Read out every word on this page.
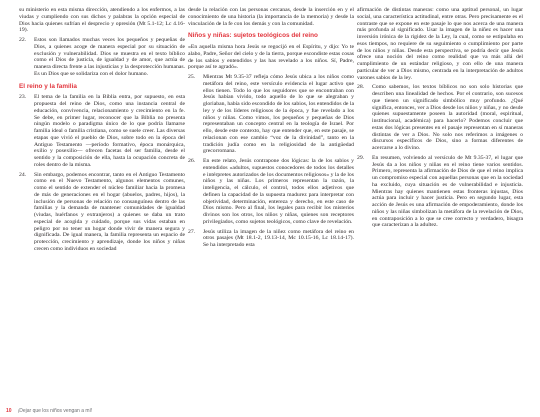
su ministerio en esta misma dirección, atendiendo a los enfermos, a las viudas y cumpliendo con sus dichos y palabras la opción especial de Dios hacia quienes sufrían el desprecio y opresión (Mt 5.1-12; Lc 4.16-19).

22. Estos son llamados muchas veces los pequeños y pequeñas de Dios, a quienes acoge de manera especial por su situación de exclusión y vulnerabilidad. Dios se muestra en el texto bíblico como el Dios de justicia, de igualdad y de amor, que actúa de manera directa frente a las injusticias y la desprotección humanas. Es un Dios que se solidariza con el dolor humano.

El reino y la familia

23. El tema de la familia en la Biblia entra, por supuesto, en esta propuesta del reino de Dios, como una instancia central de educación, convivencia, relacionamiento y crecimiento en la fe. Se debe, en primer lugar, reconocer que la Biblia no presenta ningún modelo o paradigma único de lo que podría llamarse familia ideal o familia cristiana, como se suele creer. Las diversas etapas que vivió el pueblo de Dios, sobre todo en la época del Antiguo Testamento —período formativo, época monárquica, exilio y posexilio— ofrecen facetas del ser familia, desde el sentido y la composición de ella, hasta la ocupación concreta de roles dentro de la misma.

24. Sin embargo, podemos encontrar, tanto en el Antiguo Testamento como en el Nuevo Testamento, algunos elementos comunes, como el sentido de extender el núcleo familiar hacia la promesa de más de generaciones en el hogar (abuelos, padres, hijos), la inclusión de personas de relación no consanguínea dentro de las familias y la demanda de mantener comunidades de igualdad (viudas, huérfanos y extranjeros) a quienes se daba un trato especial de acogida y cuidado, porque sus vidas estaban en peligro por no tener un hogar donde vivir de manera segura y dignificada. De igual manera, la familia representa un espacio de protección, crecimiento y aprendizaje, donde los niños y niñas crecen como individuos en sociedad

desde la relación con las personas cercanas, desde la inserción en y el conocimiento de una historia (la importancia de la memoria) y desde la vinculación de la fe con los demás y con la comunidad.

Niños y niñas: sujetos teológicos del reino

«En aquella misma hora Jesús se regocijó en el Espíritu, y dijo: Yo te alabo, Padre, Señor del cielo y de la tierra, porque escondiste estas cosas de los sabios y entendidos y las has revelado a los niños. Sí, Padre, porque así te agradó».

25. Mientras Mt 9.35-37 refleja cómo Jesús ubica a los niños como metáfora del reino, este versículo evidencia el lugar activo que ellos tienen. Todo lo que los seguidores que se encontraban con Jesús habían vivido, todo aquello de lo que se alegraban y gloriaban, había sido escondido de los sabios, los entendidos de la ley y de los líderes religiosos de la época, y fue revelado a los niños y niñas. Como vimos, los pequeños y pequeñas de Dios representaban un concepto central en la teología de Israel. Por ello, desde este contexto, hay que entender que, en este pasaje, se relacionan con ese cambio “voz de la divinidad”, tanto en la tradición judía como en la religiosidad de la antigüedad grecorromana.

26. En este relato, Jesús contrapone dos lógicas: la de los sabios y entendidos «adultos, supuestos conocedores de todos los detalles e intérpretes autorizados de los documentos religiosos» y la de los niños y las niñas. Los primeros representan la razón, la inteligencia, el cálculo, el control, todos ellos adjetivos que definen la capacidad de la supuesta madurez para interpretar con objetividad, determinación, entereza y derecho, en este caso de Dios mismo. Pero al final, los legales para recibir los misterios divinos son los otros, los niños y niñas, quienes son receptores privilegiados, como sujetos teológicos, como clave de revelación.

27. Jesús utiliza la imagen de la niñez como metáfora del reino en otros pasajes (Mt 18.1-2, 19.13-14, Mc 10.15-16, Lc 18.14-17). Se ha interpretado esta

afirmación de distintas maneras: como una aptitud personal, un lugar social, una característica actitudinal, entre otras. Pero precisamente es el contraste que se expone en este pasaje lo que nos acerca de una manera más profunda al significado. Usar la imagen de la niñez es hacer una inversión irónica de la rigidez de la Ley, la cual, como se estipulaba en esos tiempos, no requiere de su seguimiento o cumplimiento por parte de los niños y niñas. Desde esta perspectiva, se podría decir que Jesús ofrece una noción del reino como realidad que va más allá del cumplimiento de un estándar religioso, y con ello de una manera particular de ver a Dios mismo, centrada en la interpretación de adultos varones sabios de la ley.

28. Como sabemos, los textos bíblicos no son solo historias que describen una linealidad de hechos. Por el contrario, son sucesos que tienen un significado simbólico muy profundo. ¿Qué significa, entonces, ver a Dios desde los niños y niñas, y no desde quienes supuestamente poseen la autoridad (moral, espiritual, institucional, académica) para hacerlo? Podemos concluir que estas dos lógicas presentes en el pasaje representan en sí maneras distintas de ver a Dios. No solo nos referimos a imágenes o discursos específicos de Dios, sino a formas diferentes de acercarse a lo divino.

29. En resumen, volviendo al versículo de Mt 9.35-37, el lugar que Jesús da a los niños y niñas en el reino tiene varios sentidos. Primero, representa la afirmación de Dios de que el reino implica un compromiso especial con aquellas personas que en la sociedad ha excluido, cuya situación es de vulnerabilidad e injusticia. Mientras hay quienes mantienen estas fronteras injustas, Dios actúa para incluir y hacer justicia. Pero en segundo lugar, esta acción de Jesús es una afirmación de empoderamiento, donde los niños y las niñas simbolizan la metáfora de la revelación de Dios, en contraposición a lo que se cree correcto y verdadero, bisagra que caracterizan a la adultez.

10 ¡Dejar que los niños vengan a mí!
